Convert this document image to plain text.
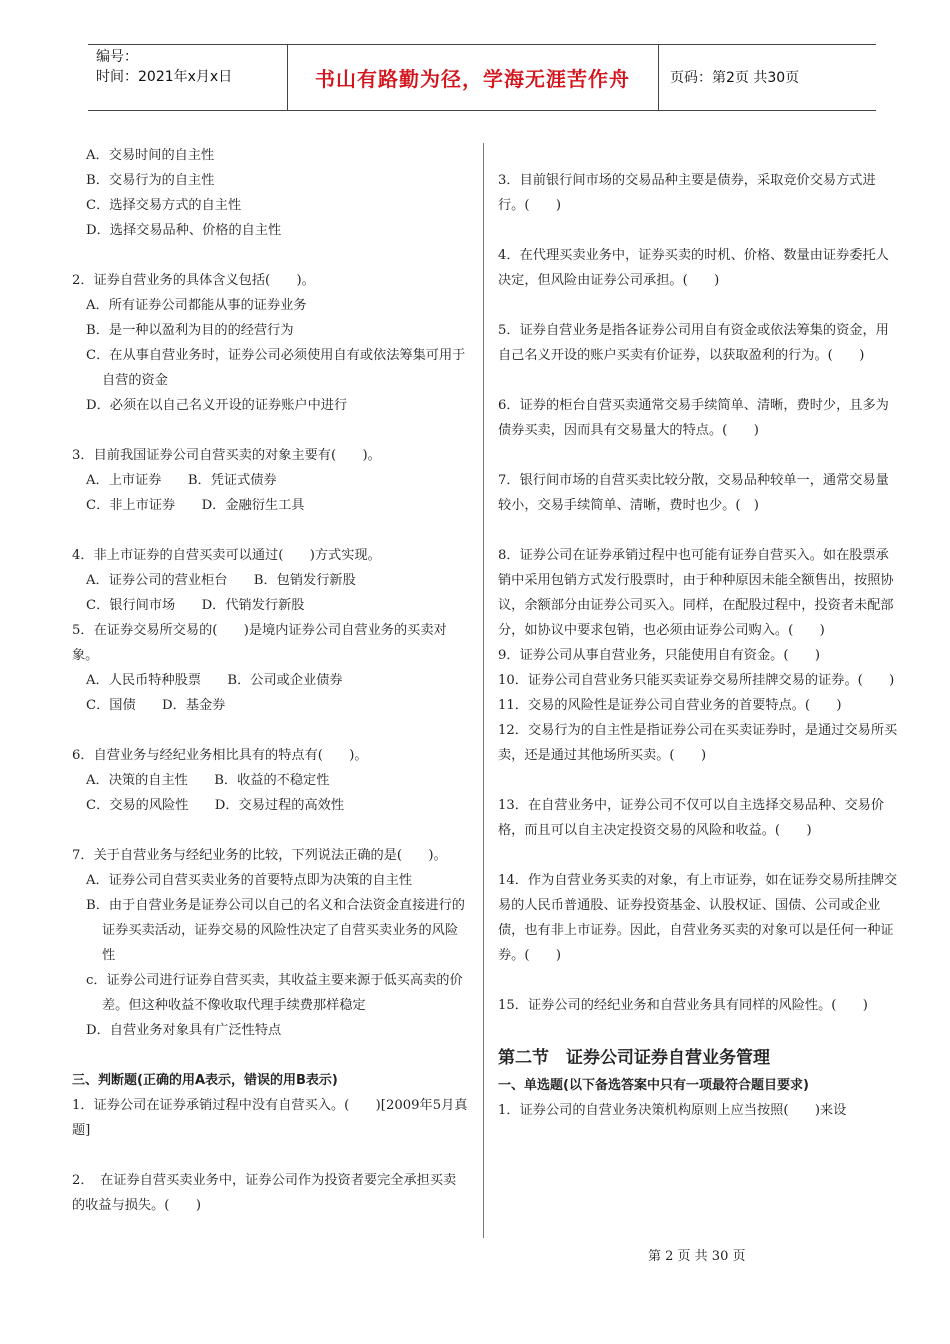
编号：
时间：2021年x月x日	书山有路勤为径，学海无涯苦作舟	页码：第2页 共30页

A．交易时间的自主性

B．交易行为的自主性

C．选择交易方式的自主性

D．选择交易品种、价格的自主性

2．证券自营业务的具体含义包括(　　)。

A．所有证券公司都能从事的证券业务

B．是一种以盈利为目的的经营行为

C．在从事自营业务时，证券公司必须使用自有或依法筹集可用于自营的资金

D．必须在以自己名义开设的证券账户中进行

3．目前我国证券公司自营买卖的对象主要有(　　)。

A．上市证券　　B．凭证式债券

C．非上市证券　　D．金融衍生工具

4．非上市证券的自营买卖可以通过(　　)方式实现。

A．证券公司的营业柜台　　B．包销发行新股

C．银行间市场　　D．代销发行新股

5．在证券交易所交易的(　　)是境内证券公司自营业务的买卖对象。

A．人民币特种股票　　B．公司或企业债券

C．国债　　D．基金券

6．自营业务与经纪业务相比具有的特点有(　　)。

A．决策的自主性　　B．收益的不稳定性

C．交易的风险性　　D．交易过程的高效性

7．关于自营业务与经纪业务的比较，下列说法正确的是(　　)。

A．证券公司自营买卖业务的首要特点即为决策的自主性

B．由于自营业务是证券公司以自己的名义和合法资金直接进行的证券买卖活动，证券交易的风险性决定了自营买卖业务的风险性

c．证券公司进行证券自营买卖，其收益主要来源于低买高卖的价差。但这种收益不像收取代理手续费那样稳定

D．自营业务对象具有广泛性特点

三、判断题(正确的用A表示，错误的用B表示)

1．证券公司在证券承销过程中没有自营买入。(　　)[2009年5月真题]

2．　在证券自营买卖业务中，证券公司作为投资者要完全承担买卖的收益与损失。(　　)

3．目前银行间市场的交易品种主要是债券，采取竞价交易方式进行。(　　)

4．在代理买卖业务中，证券买卖的时机、价格、数量由证券委托人决定，但风险由证券公司承担。(　　)

5．证券自营业务是指各证券公司用自有资金或依法筹集的资金，用自己名义开设的账户买卖有价证券，以获取盈利的行为。(　　)

6．证券的柜台自营买卖通常交易手续简单、清晰，费时少，且多为债券买卖，因而具有交易量大的特点。(　　)

7．银行间市场的自营买卖比较分散，交易品种较单一，通常交易量较小，交易手续简单、清晰，费时也少。(　)

8．证券公司在证券承销过程中也可能有证券自营买入。如在股票承销中采用包销方式发行股票时，由于种种原因未能全额售出，按照协议，余额部分由证券公司买入。同样，在配股过程中，投资者未配部分，如协议中要求包销，也必须由证券公司购入。(　　)

9．证券公司从事自营业务，只能使用自有资金。(　　)

10．证券公司自营业务只能买卖证券交易所挂牌交易的证券。(　　)

11．交易的风险性是证券公司自营业务的首要特点。(　　)

12．交易行为的自主性是指证券公司在买卖证券时，是通过交易所买卖，还是通过其他场所买卖。(　　)

13．在自营业务中，证券公司不仅可以自主选择交易品种、交易价格，而且可以自主决定投资交易的风险和收益。(　　)

14．作为自营业务买卖的对象，有上市证券，如在证券交易所挂牌交易的人民币普通股、证券投资基金、认股权证、国债、公司或企业债，也有非上市证券。因此，自营业务买卖的对象可以是任何一种证券。(　　)

15．证券公司的经纪业务和自营业务具有同样的风险性。(　　)

第二节　证券公司证券自营业务管理

一、单选题(以下备选答案中只有一项最符合题目要求)

1．证券公司的自营业务决策机构原则上应当按照(　　)来设

第 2 页 共 30 页
